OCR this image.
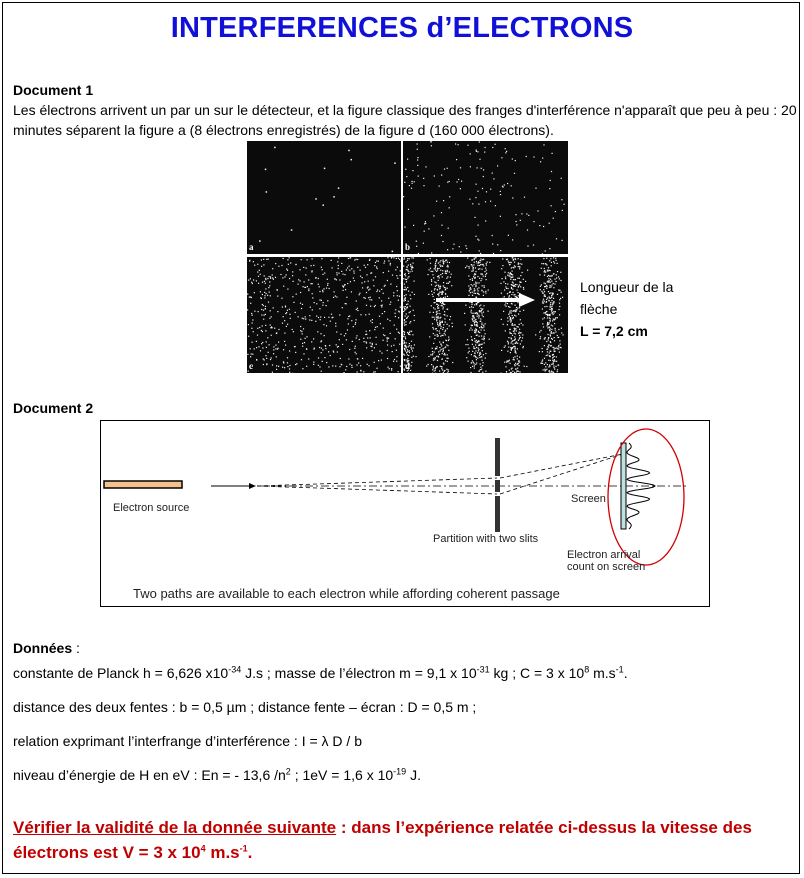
INTERFERENCES d’ELECTRONS
Document 1
Les électrons arrivent un par un sur le détecteur, et la figure classique des franges d'interférence n'apparaît que peu à peu : 20 minutes séparent la figure a (8 électrons enregistrés) de la figure d (160 000 électrons).
a	b
c	d
Longueur de la
flèche
L = 7,2 cm
Document 2
Electron source
Partition with two slits
Screen
Electron arrival
count on screen
Two paths are available to each electron while affording coherent passage
Données :
constante de Planck h = 6,626 $x10^{-34}$ J.s ; masse de l’électron m = 9,1 x $10^{-31}$ kg ; C = 3 x $10^8$ $m.s^{-1}$.
distance des deux fentes : b = 0,5 µm ; distance fente – écran : D = 0,5 m ;
relation exprimant l’interfrange d’interférence : I = λ D / b
niveau d’énergie de H en eV : En = - 13,6 $/n^2$ ; 1eV = 1,6 x $10^{-19}$ J.
Vérifier la validité de la donnée suivante : dans l’expérience relatée ci-dessus la vitesse des électrons est V = 3 x $10^4$ $m.s^{-1}$.
